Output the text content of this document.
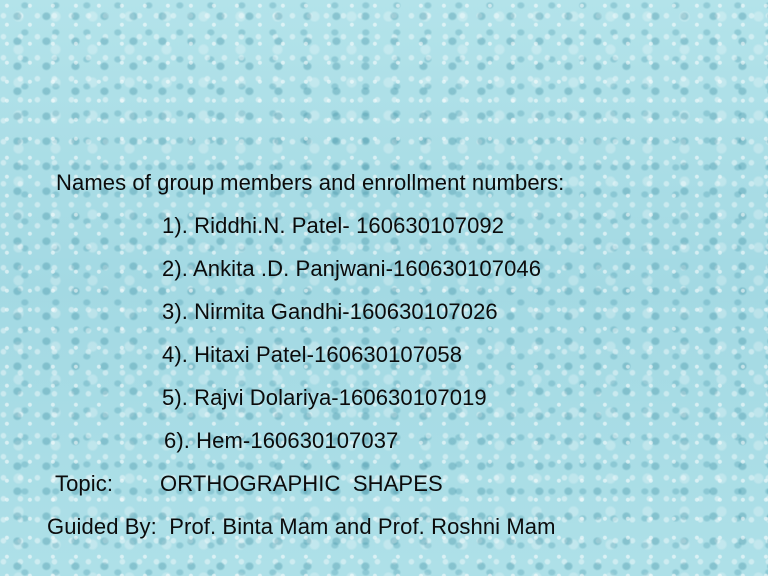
Names of group members and enrollment numbers:
1). Riddhi.N. Patel- 160630107092
2). Ankita .D. Panjwani-160630107046
3). Nirmita Gandhi-160630107026
4). Hitaxi Patel-160630107058
5). Rajvi Dolariya-160630107019
6). Hem-160630107037
Topic: ORTHOGRAPHIC  SHAPES
Guided By:  Prof. Binta Mam and Prof. Roshni Mam
